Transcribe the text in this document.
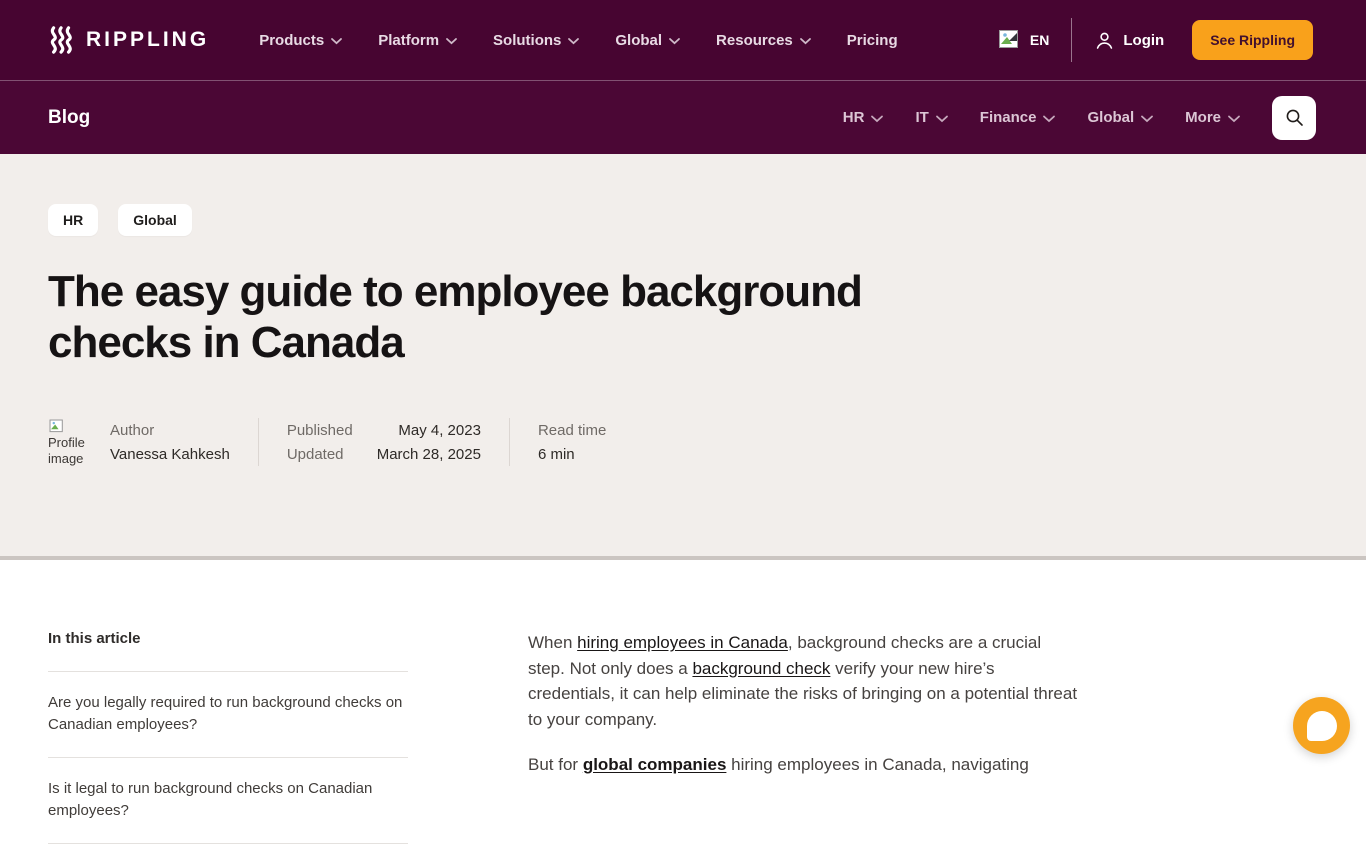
RIPPLING	Products	Platform	Solutions	Global	Resources	Pricing	EN	Login	See Rippling
Blog	HR	IT	Finance	Global	More
HR	Global
The easy guide to employee background checks in Canada
Profile image
Author
Vanessa Kahkesh
Published	May 4, 2023
Updated	March 28, 2025
Read time
6 min
In this article
Are you legally required to run background checks on Canadian employees?
Is it legal to run background checks on Canadian employees?

When hiring employees in Canada, background checks are a crucial step. Not only does a background check verify your new hire’s credentials, it can help eliminate the risks of bringing on a potential threat to your company.

But for global companies hiring employees in Canada, navigating
